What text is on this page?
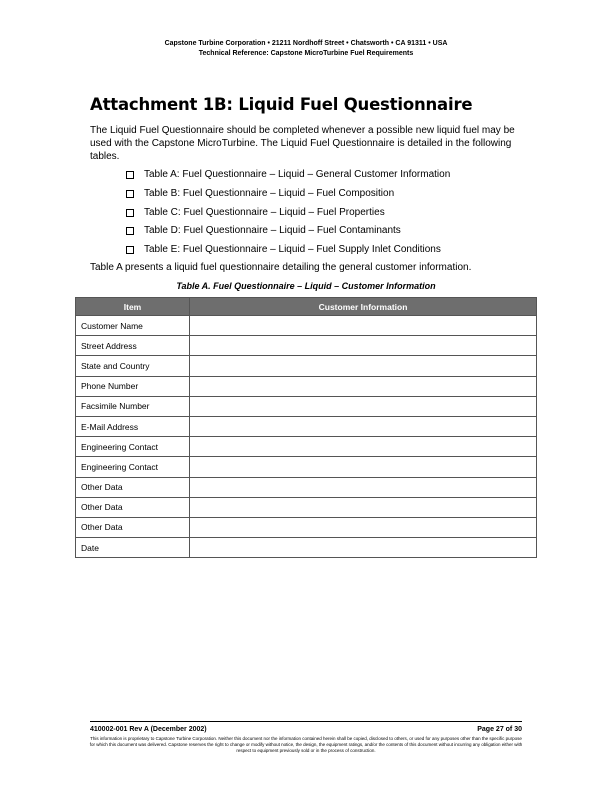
Capstone Turbine Corporation • 21211 Nordhoff Street • Chatsworth • CA 91311 • USA
Technical Reference: Capstone MicroTurbine Fuel Requirements
Attachment 1B: Liquid Fuel Questionnaire
The Liquid Fuel Questionnaire should be completed whenever a possible new liquid fuel may be used with the Capstone MicroTurbine. The Liquid Fuel Questionnaire is detailed in the following tables.
Table A: Fuel Questionnaire – Liquid – General Customer Information
Table B: Fuel Questionnaire – Liquid – Fuel Composition
Table C: Fuel Questionnaire – Liquid – Fuel Properties
Table D: Fuel Questionnaire – Liquid – Fuel Contaminants
Table E: Fuel Questionnaire – Liquid – Fuel Supply Inlet Conditions
Table A presents a liquid fuel questionnaire detailing the general customer information.
Table A. Fuel Questionnaire – Liquid – Customer Information
Item	Customer Information
Customer Name	
Street Address	
State and Country	
Phone Number	
Facsimile Number	
E-Mail Address	
Engineering Contact	
Engineering Contact	
Other Data	
Other Data	
Other Data	
Date	
410002-001 Rev A (December 2002)	Page 27 of 30
This information is proprietary to Capstone Turbine Corporation. Neither this document nor the information contained herein shall be copied, disclosed to others, or used for any purposes other than the specific purpose for which this document was delivered. Capstone reserves the right to change or modify without notice, the design, the equipment ratings, and/or the contents of this document without incurring any obligation either with respect to equipment previously sold or in the process of construction.
